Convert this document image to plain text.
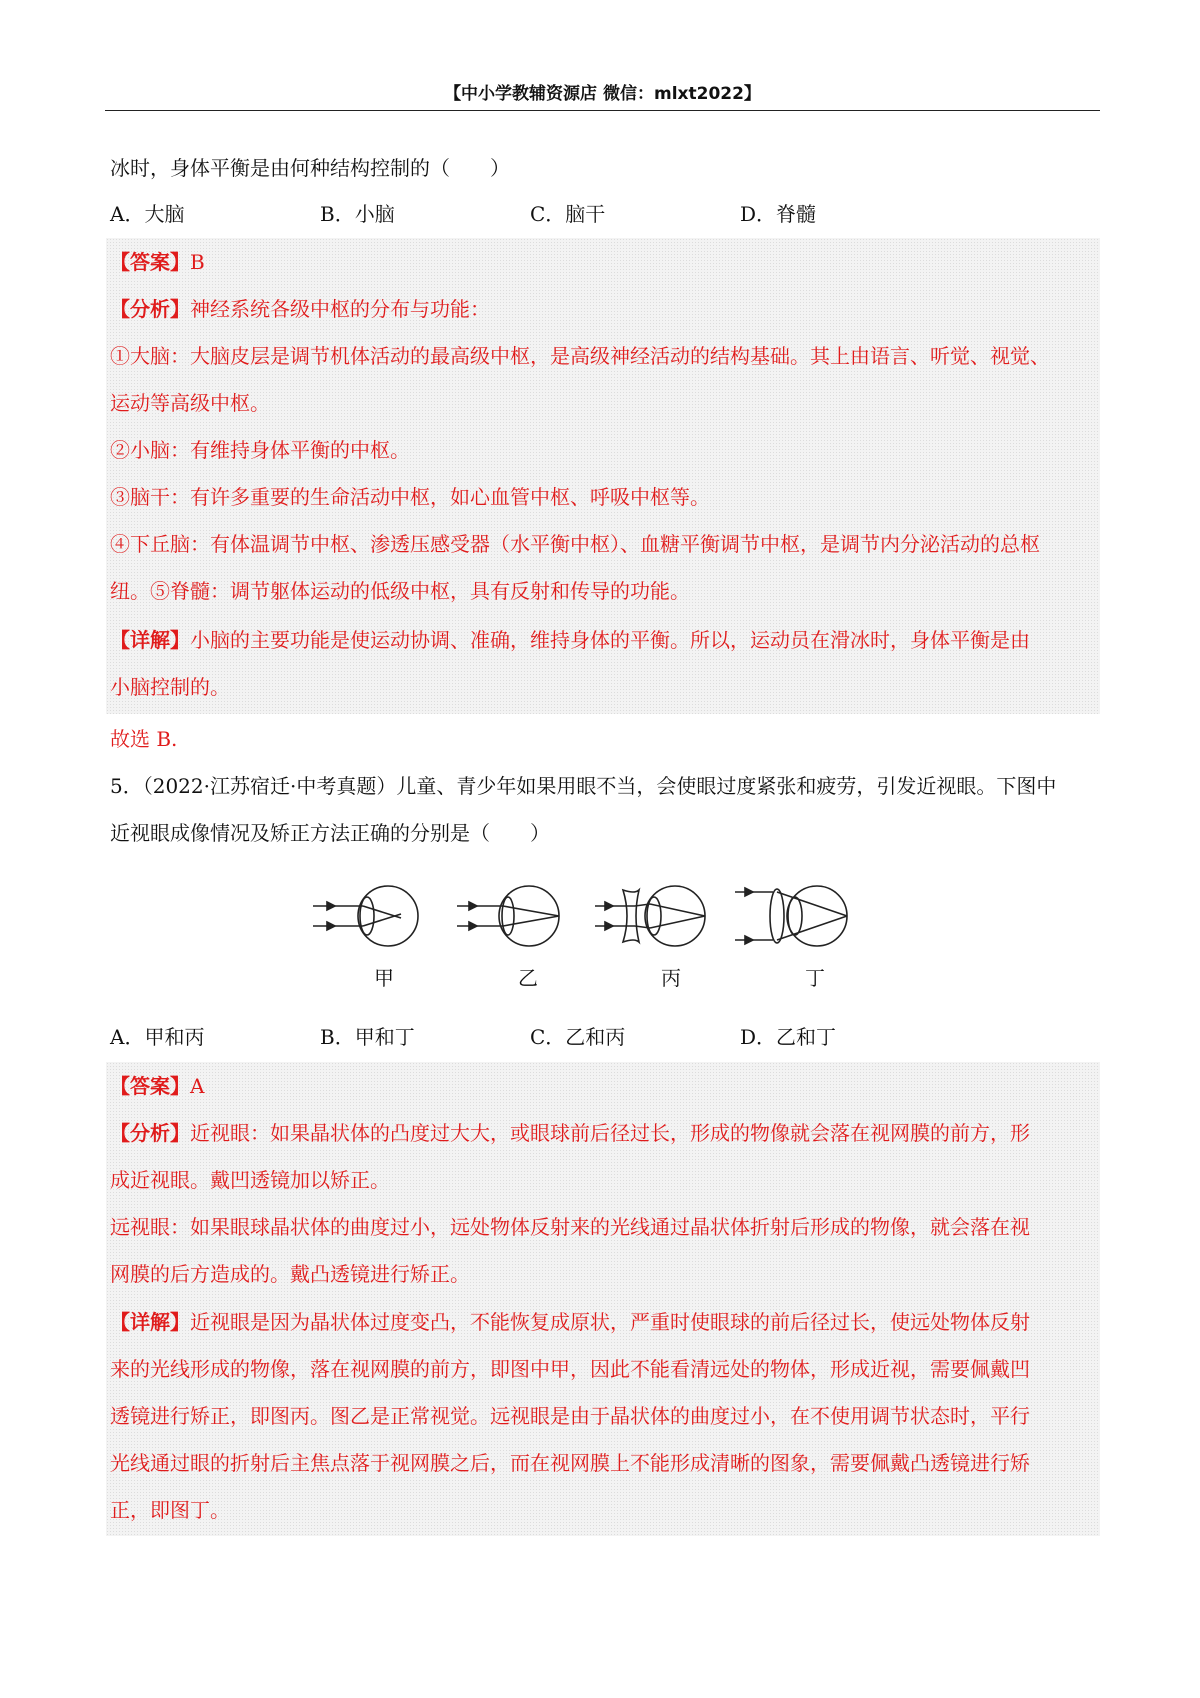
【中小学教辅资源店 微信：mlxt2022】
冰时，身体平衡是由何种结构控制的（　　）
A．大脑	B．小脑	C．脑干	D．脊髓
【答案】B
【分析】神经系统各级中枢的分布与功能：
①大脑：大脑皮层是调节机体活动的最高级中枢，是高级神经活动的结构基础。其上由语言、听觉、视觉、
运动等高级中枢。
②小脑：有维持身体平衡的中枢。
③脑干：有许多重要的生命活动中枢，如心血管中枢、呼吸中枢等。
④下丘脑：有体温调节中枢、渗透压感受器（水平衡中枢）、血糖平衡调节中枢，是调节内分泌活动的总枢
纽。⑤脊髓：调节躯体运动的低级中枢，具有反射和传导的功能。
【详解】小脑的主要功能是使运动协调、准确，维持身体的平衡。所以，运动员在滑冰时，身体平衡是由
小脑控制的。
故选 B.
5．（2022·江苏宿迁·中考真题）儿童、青少年如果用眼不当，会使眼过度紧张和疲劳，引发近视眼。下图中
近视眼成像情况及矫正方法正确的分别是（　　）
甲	乙	丙	丁
A．甲和丙	B．甲和丁	C．乙和丙	D．乙和丁
【答案】A
【分析】近视眼：如果晶状体的凸度过大大，或眼球前后径过长，形成的物像就会落在视网膜的前方，形
成近视眼。戴凹透镜加以矫正。
远视眼：如果眼球晶状体的曲度过小，远处物体反射来的光线通过晶状体折射后形成的物像，就会落在视
网膜的后方造成的。戴凸透镜进行矫正。
【详解】近视眼是因为晶状体过度变凸，不能恢复成原状，严重时使眼球的前后径过长，使远处物体反射
来的光线形成的物像，落在视网膜的前方，即图中甲，因此不能看清远处的物体，形成近视，需要佩戴凹
透镜进行矫正，即图丙。图乙是正常视觉。远视眼是由于晶状体的曲度过小，在不使用调节状态时，平行
光线通过眼的折射后主焦点落于视网膜之后，而在视网膜上不能形成清晰的图象，需要佩戴凸透镜进行矫
正，即图丁。
